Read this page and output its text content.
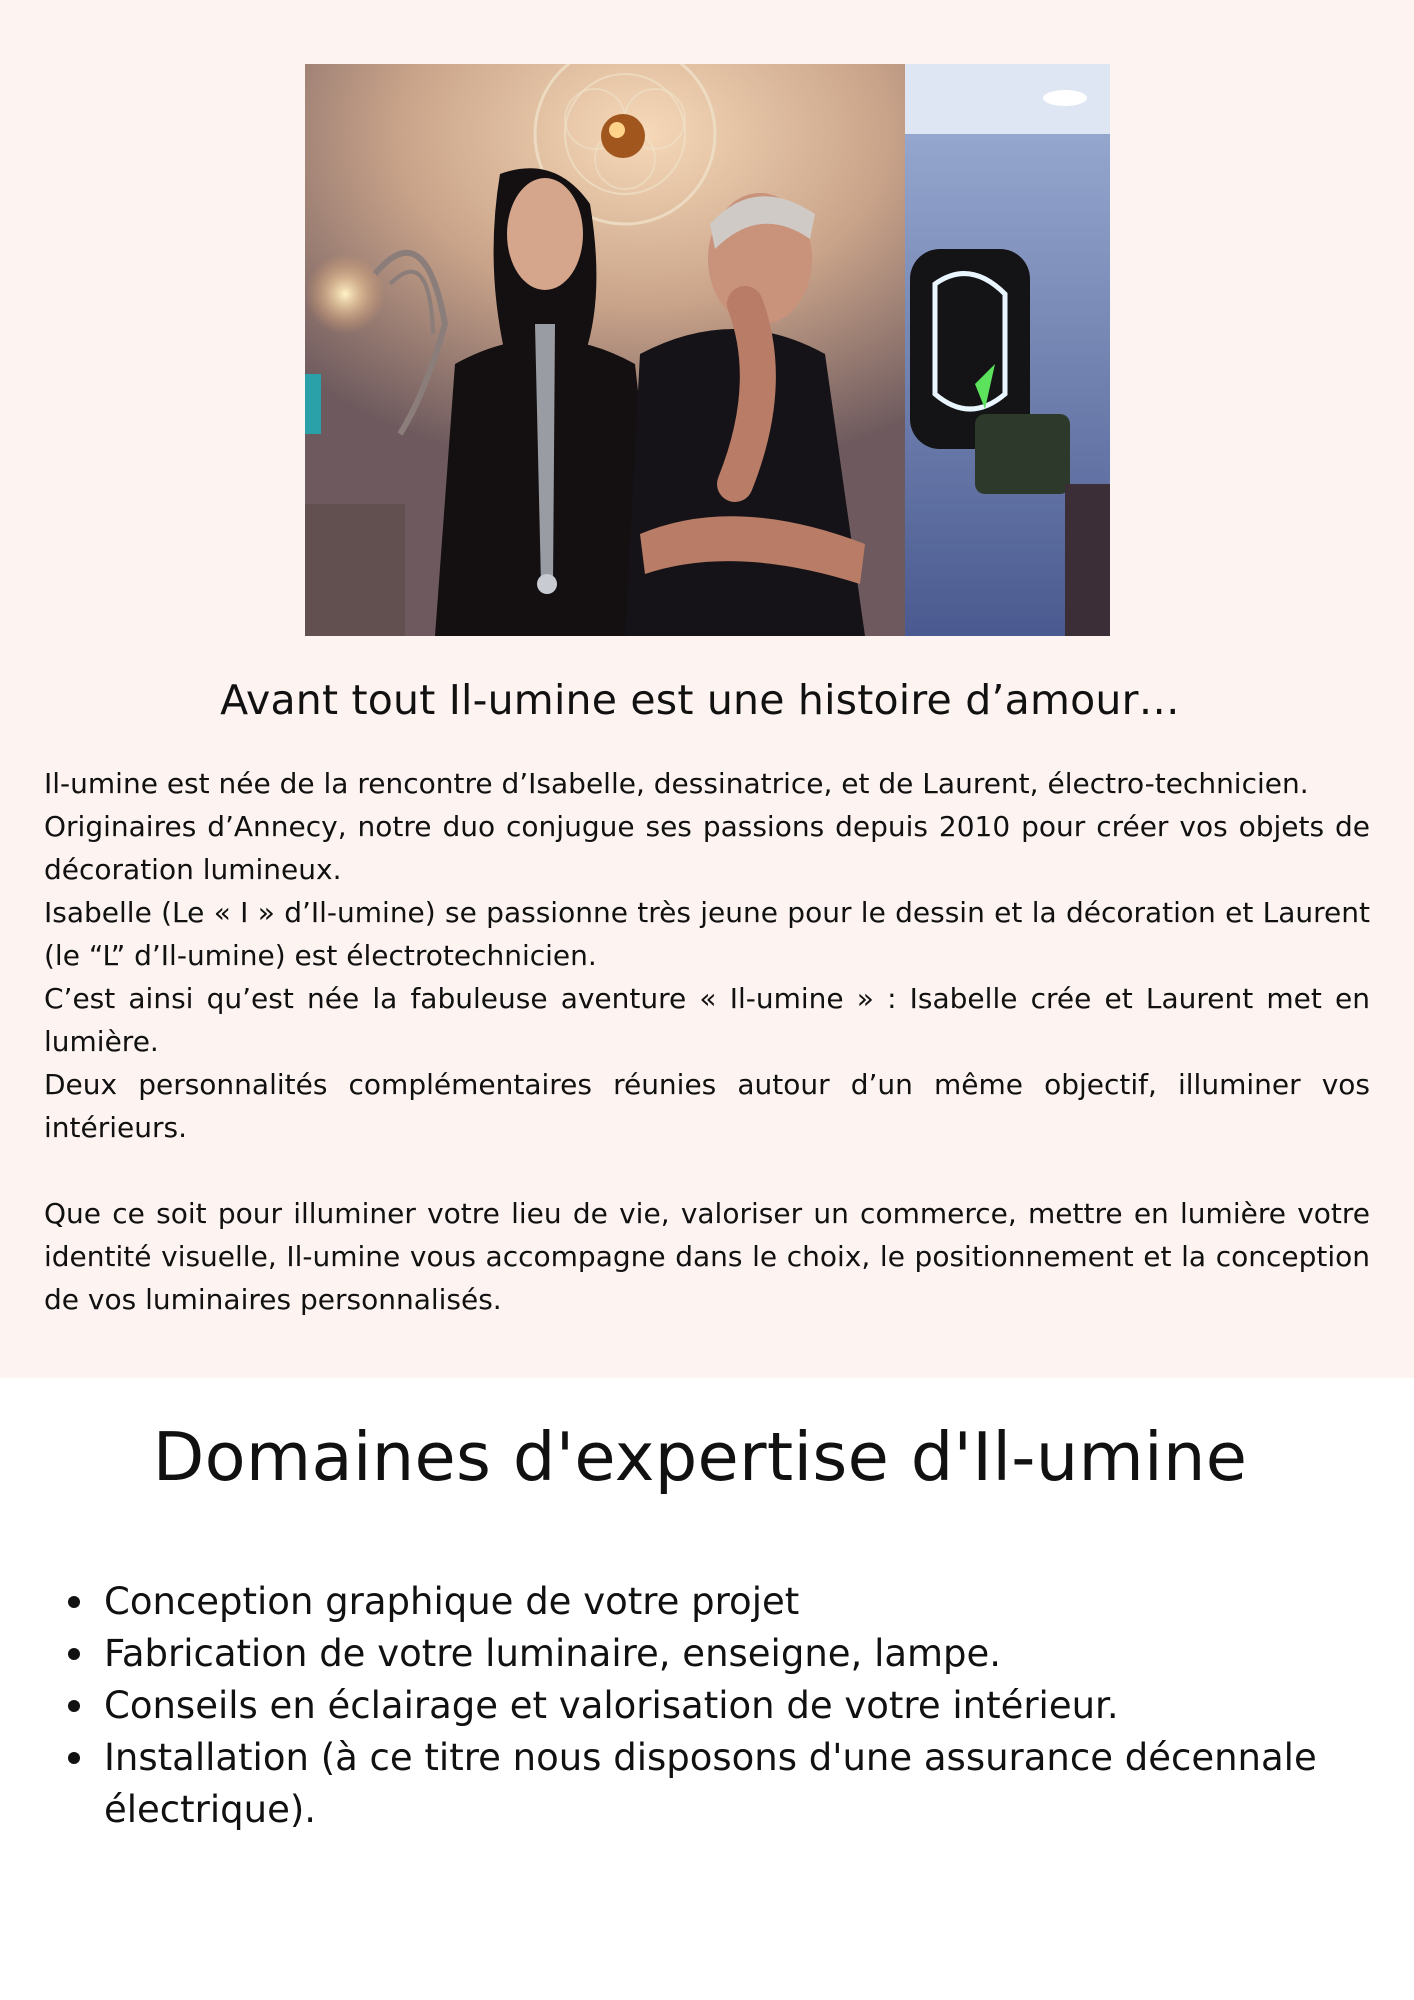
Avant tout Il-umine est une histoire d’amour…

Il-umine est née de la rencontre d’Isabelle, dessinatrice, et de Laurent, électro-technicien.

Originaires d’Annecy, notre duo conjugue ses passions depuis 2010 pour créer vos objets de décoration lumineux.

Isabelle (Le « I » d’Il-umine) se passionne très jeune pour le dessin et la décoration et Laurent (le “L” d’Il-umine) est électrotechnicien.

C’est ainsi qu’est née la fabuleuse aventure « Il-umine » : Isabelle crée et Laurent met en lumière.

Deux personnalités complémentaires réunies autour d’un même objectif, illuminer vos intérieurs.

Que ce soit pour illuminer votre lieu de vie, valoriser un commerce, mettre en lumière votre identité visuelle, Il-umine vous accompagne dans le choix, le positionnement et la conception de vos luminaires personnalisés.

Domaines d'expertise d'Il-umine
Conception graphique de votre projet
Fabrication de votre luminaire, enseigne, lampe.
Conseils en éclairage et valorisation de votre intérieur.
Installation (à ce titre nous disposons d'une assurance décennale électrique).
